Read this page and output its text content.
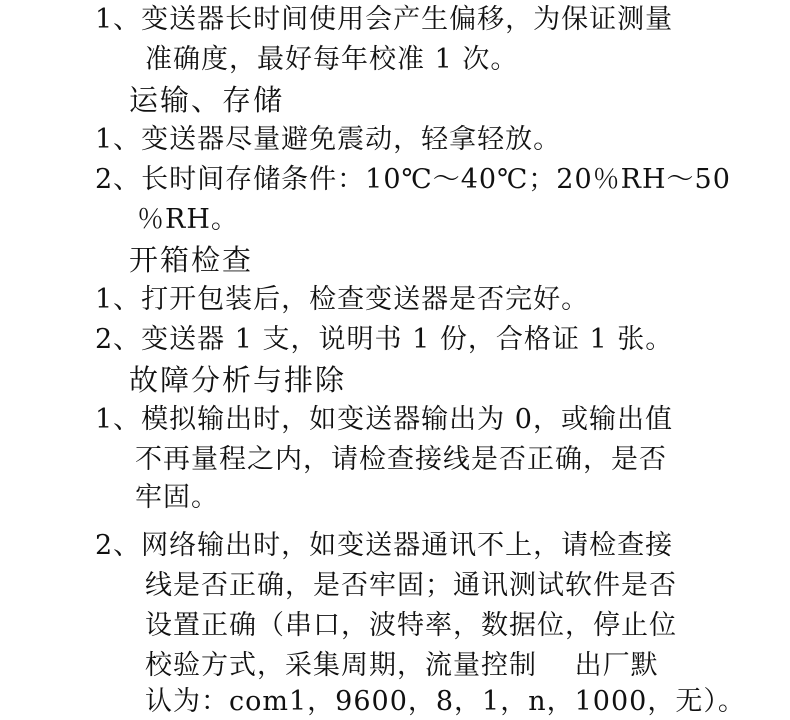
1、变送器长时间使用会产生偏移，为保证测量
准确度，最好每年校准 1 次。
运输、存储
1、变送器尽量避免震动，轻拿轻放。
2、长时间存储条件：10℃～40℃；20％RH～50
％RH。
开箱检查
1、打开包装后，检查变送器是否完好。
2、变送器 1 支，说明书 1 份，合格证 1 张。
故障分析与排除
1、模拟输出时，如变送器输出为 0，或输出值
不再量程之内，请检查接线是否正确，是否
牢固。
2、网络输出时，如变送器通讯不上，请检查接
线是否正确，是否牢固；通讯测试软件是否
设置正确（串口，波特率，数据位，停止位
校验方式，采集周期，流量控制　 出厂默
认为：com1，9600，8，1，n，1000，无）。
